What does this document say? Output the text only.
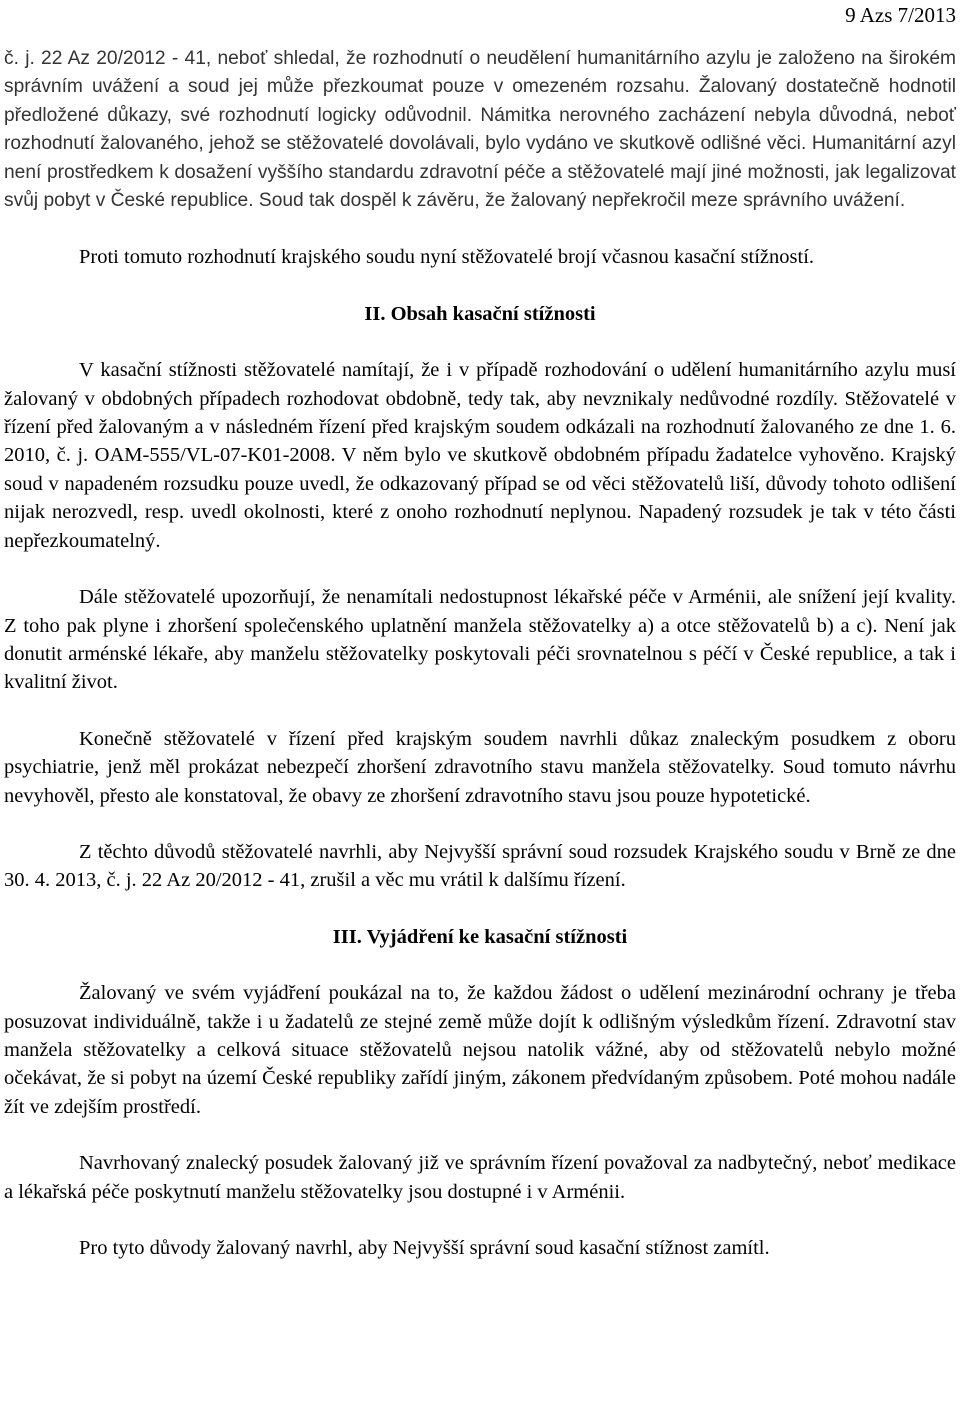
9 Azs 7/2013

č. j. 22 Az 20/2012 - 41, neboť shledal, že rozhodnutí o neudělení humanitárního azylu je založeno na širokém správním uvážení a soud jej může přezkoumat pouze v omezeném rozsahu. Žalovaný dostatečně hodnotil předložené důkazy, své rozhodnutí logicky odůvodnil. Námitka nerovného zacházení nebyla důvodná, neboť rozhodnutí žalovaného, jehož se stěžovatelé dovolávali, bylo vydáno ve skutkově odlišné věci. Humanitární azyl není prostředkem k dosažení vyššího standardu zdravotní péče a stěžovatelé mají jiné možnosti, jak legalizovat svůj pobyt v České republice. Soud tak dospěl k závěru, že žalovaný nepřekročil meze správního uvážení.

Proti tomuto rozhodnutí krajského soudu nyní stěžovatelé brojí včasnou kasační stížností.

II. Obsah kasační stížnosti

V kasační stížnosti stěžovatelé namítají, že i v případě rozhodování o udělení humanitárního azylu musí žalovaný v obdobných případech rozhodovat obdobně, tedy tak, aby nevznikaly nedůvodné rozdíly. Stěžovatelé v řízení před žalovaným a v následném řízení před krajským soudem odkázali na rozhodnutí žalovaného ze dne 1. 6. 2010, č. j. OAM-555/VL-07-K01-2008. V něm bylo ve skutkově obdobném případu žadatelce vyhověno. Krajský soud v napadeném rozsudku pouze uvedl, že odkazovaný případ se od věci stěžovatelů liší, důvody tohoto odlišení nijak nerozvedl, resp. uvedl okolnosti, které z onoho rozhodnutí neplynou. Napadený rozsudek je tak v této části nepřezkoumatelný.

Dále stěžovatelé upozorňují, že nenamítali nedostupnost lékařské péče v Arménii, ale snížení její kvality. Z toho pak plyne i zhoršení společenského uplatnění manžela stěžovatelky a) a otce stěžovatelů b) a c). Není jak donutit arménské lékaře, aby manželu stěžovatelky poskytovali péči srovnatelnou s péčí v České republice, a tak i kvalitní život.

Konečně stěžovatelé v řízení před krajským soudem navrhli důkaz znaleckým posudkem z oboru psychiatrie, jenž měl prokázat nebezpečí zhoršení zdravotního stavu manžela stěžovatelky. Soud tomuto návrhu nevyhověl, přesto ale konstatoval, že obavy ze zhoršení zdravotního stavu jsou pouze hypotetické.

Z těchto důvodů stěžovatelé navrhli, aby Nejvyšší správní soud rozsudek Krajského soudu v Brně ze dne 30. 4. 2013, č. j. 22 Az 20/2012 - 41, zrušil a věc mu vrátil k dalšímu řízení.

III. Vyjádření ke kasační stížnosti

Žalovaný ve svém vyjádření poukázal na to, že každou žádost o udělení mezinárodní ochrany je třeba posuzovat individuálně, takže i u žadatelů ze stejné země může dojít k odlišným výsledkům řízení. Zdravotní stav manžela stěžovatelky a celková situace stěžovatelů nejsou natolik vážné, aby od stěžovatelů nebylo možné očekávat, že si pobyt na území České republiky zařídí jiným, zákonem předvídaným způsobem. Poté mohou nadále žít ve zdejším prostředí.

Navrhovaný znalecký posudek žalovaný již ve správním řízení považoval za nadbytečný, neboť medikace a lékařská péče poskytnutí manželu stěžovatelky jsou dostupné i v Arménii.

Pro tyto důvody žalovaný navrhl, aby Nejvyšší správní soud kasační stížnost zamítl.
